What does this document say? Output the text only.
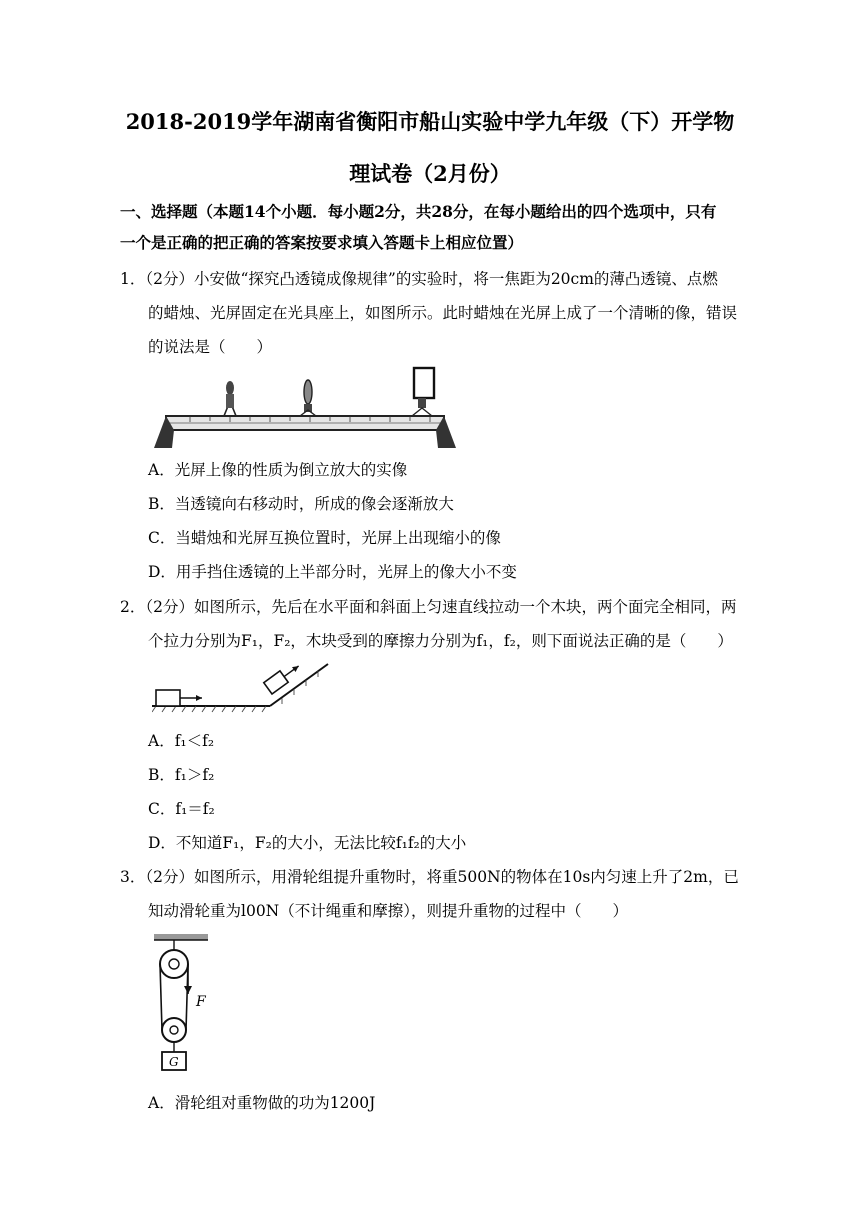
2018-2019学年湖南省衡阳市船山实验中学九年级（下）开学物
理试卷（2月份）
一、选择题（本题14个小题．每小题2分，共28分，在每小题给出的四个选项中，只有
一个是正确的把正确的答案按要求填入答题卡上相应位置）
1．（2分）小安做“探究凸透镜成像规律”的实验时，将一焦距为20cm的薄凸透镜、点燃
的蜡烛、光屏固定在光具座上，如图所示。此时蜡烛在光屏上成了一个清晰的像，错误
的说法是（　　）
A．光屏上像的性质为倒立放大的实像
B．当透镜向右移动时，所成的像会逐渐放大
C．当蜡烛和光屏互换位置时，光屏上出现缩小的像
D．用手挡住透镜的上半部分时，光屏上的像大小不变
2．（2分）如图所示，先后在水平面和斜面上匀速直线拉动一个木块，两个面完全相同，两
个拉力分别为F₁，F₂，木块受到的摩擦力分别为f₁，f₂，则下面说法正确的是（　　）
A．f₁＜f₂
B．f₁＞f₂
C．f₁＝f₂
D．不知道F₁，F₂的大小，无法比较f₁f₂的大小
3．（2分）如图所示，用滑轮组提升重物时，将重500N的物体在10s内匀速上升了2m，已
知动滑轮重为l00N（不计绳重和摩擦），则提升重物的过程中（　　）
F
G
A．滑轮组对重物做的功为1200J
